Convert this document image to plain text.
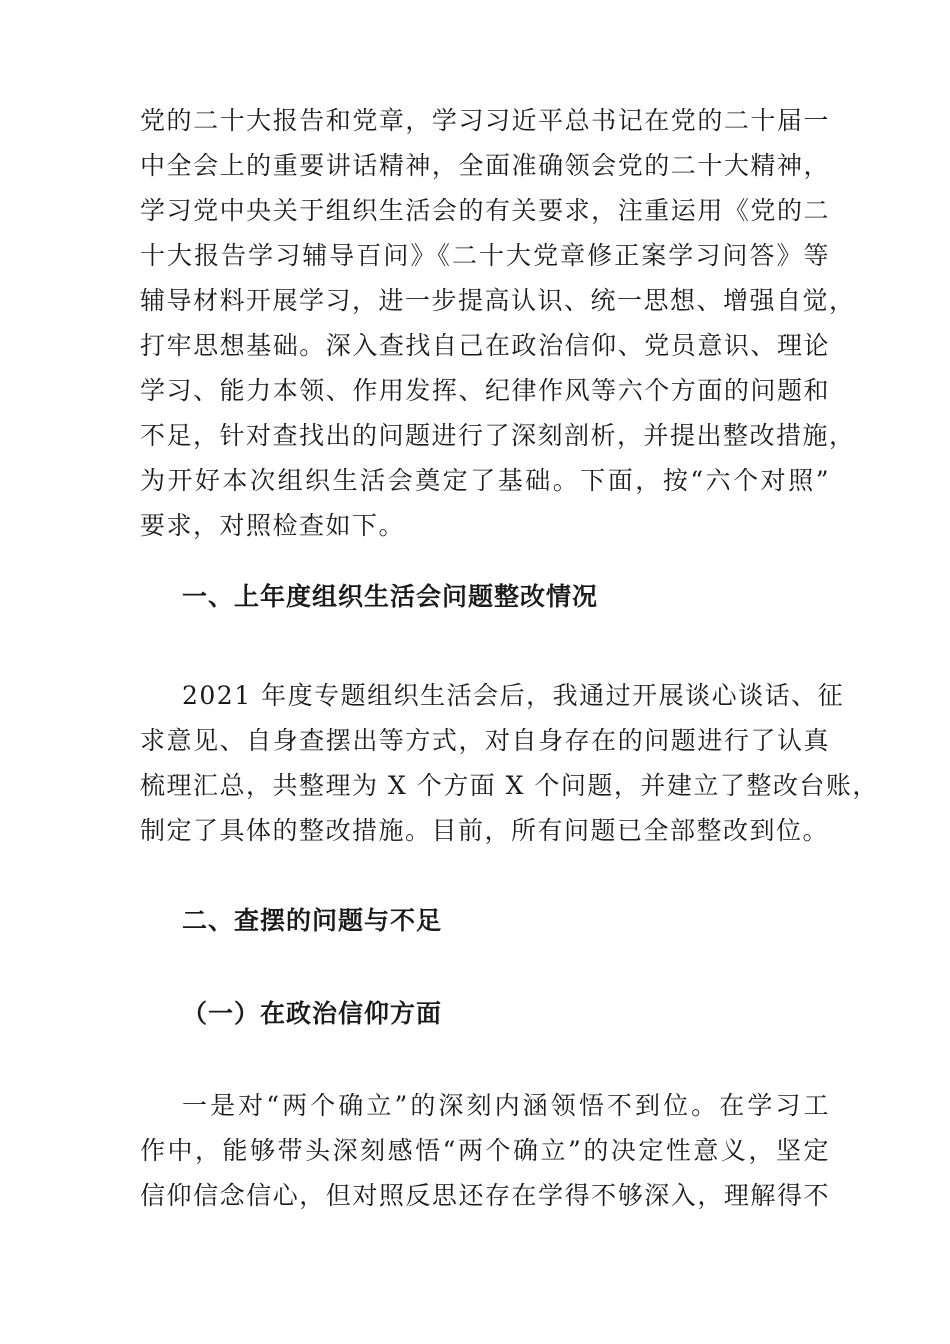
党的二十大报告和党章，学习习近平总书记在党的二十届一
中全会上的重要讲话精神，全面准确领会党的二十大精神，
学习党中央关于组织生活会的有关要求，注重运用《党的二
十大报告学习辅导百问》《二十大党章修正案学习问答》等
辅导材料开展学习，进一步提高认识、统一思想、增强自觉，
打牢思想基础。深入查找自己在政治信仰、党员意识、理论
学习、能力本领、作用发挥、纪律作风等六个方面的问题和
不足，针对查找出的问题进行了深刻剖析，并提出整改措施，
为开好本次组织生活会奠定了基础。下面，按“六个对照”
要求，对照检查如下。
一、上年度组织生活会问题整改情况
2021 年度专题组织生活会后，我通过开展谈心谈话、征
求意见、自身查摆出等方式，对自身存在的问题进行了认真
梳理汇总，共整理为 X 个方面 X 个问题，并建立了整改台账，
制定了具体的整改措施。目前，所有问题已全部整改到位。
二、查摆的问题与不足
（一）在政治信仰方面
一是对“两个确立”的深刻内涵领悟不到位。在学习工
作中，能够带头深刻感悟“两个确立”的决定性意义，坚定
信仰信念信心，但对照反思还存在学得不够深入，理解得不
